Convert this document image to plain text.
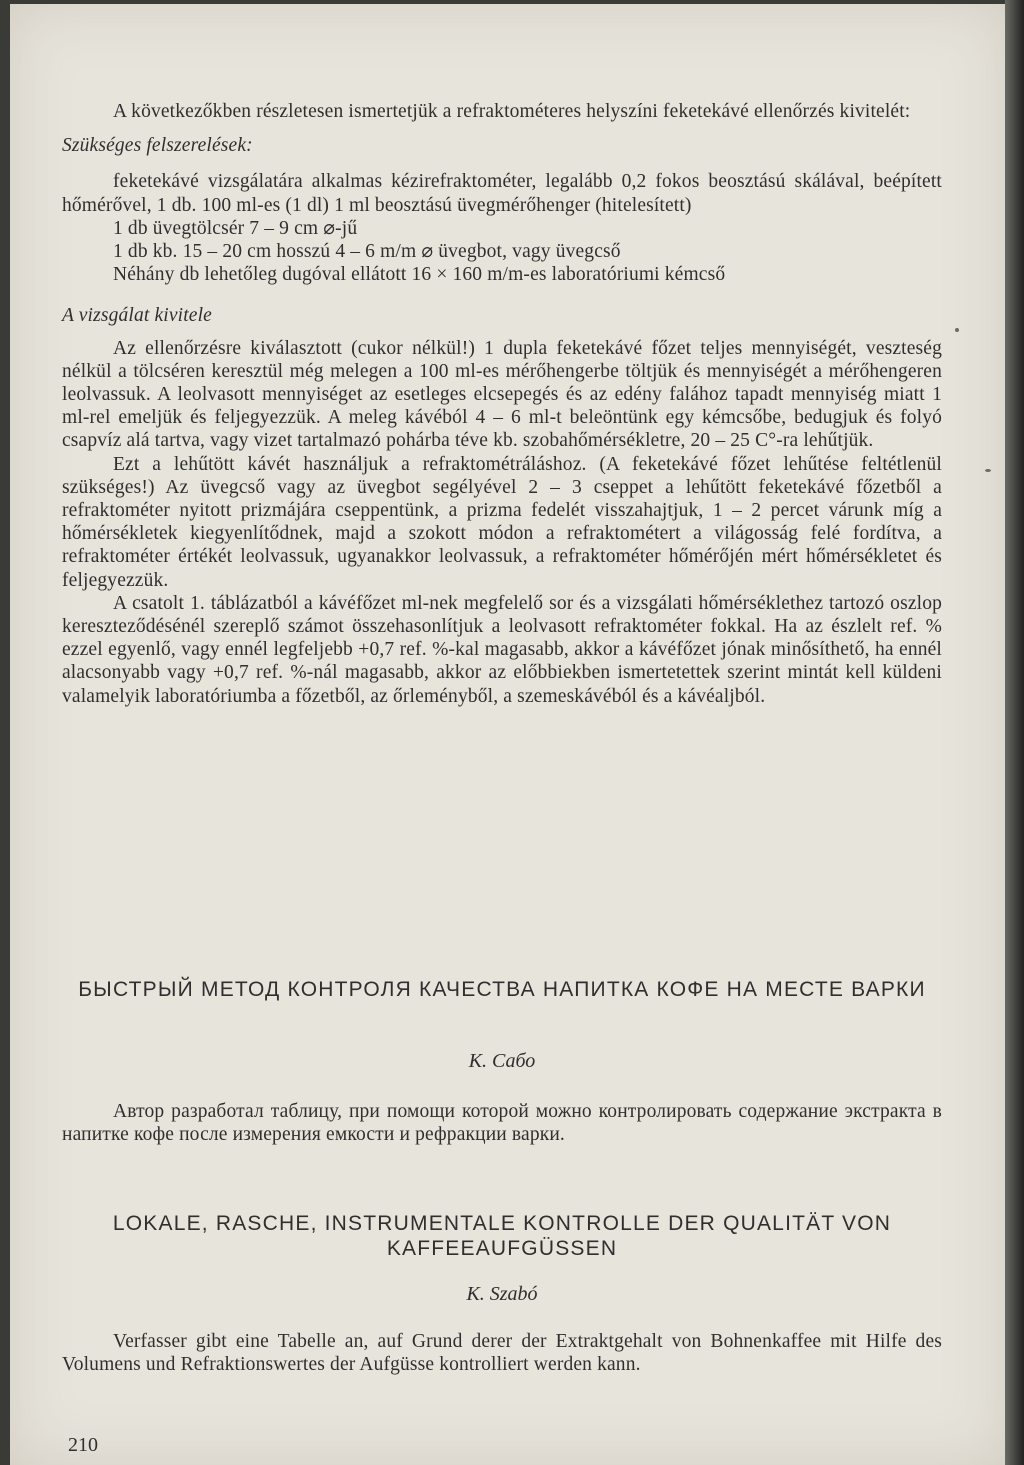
A következőkben részletesen ismertetjük a refraktométeres helyszíni feketekávé ellenőrzés kivitelét:

Szükséges felszerelések:

feketekávé vizsgálatára alkalmas kézirefraktométer, legalább 0,2 fokos beosztású skálával, beépített hőmérővel, 1 db. 100 ml-es (1 dl) 1 ml beosztású üvegmérőhenger (hitelesített)

1 db üvegtölcsér 7 – 9 cm ⌀-jű

1 db kb. 15 – 20 cm hosszú 4 – 6 m/m ⌀ üvegbot, vagy üvegcső

Néhány db lehetőleg dugóval ellátott 16 × 160 m/m-es laboratóriumi kémcső

A vizsgálat kivitele

Az ellenőrzésre kiválasztott (cukor nélkül!) 1 dupla feketekávé főzet teljes mennyiségét, veszteség nélkül a tölcséren keresztül még melegen a 100 ml-es mérőhengerbe töltjük és mennyiségét a mérőhengeren leolvassuk. A leolvasott mennyiséget az esetleges elcsepegés és az edény falához tapadt mennyiség miatt 1 ml-rel emeljük és feljegyezzük. A meleg kávéból 4 – 6 ml-t beleöntünk egy kémcsőbe, bedugjuk és folyó csapvíz alá tartva, vagy vizet tartalmazó pohárba téve kb. szobahőmérsékletre, 20 – 25 C°-ra lehűtjük.

Ezt a lehűtött kávét használjuk a refraktométráláshoz. (A feketekávé főzet lehűtése feltétlenül szükséges!) Az üvegcső vagy az üvegbot segélyével 2 – 3 cseppet a lehűtött feketekávé főzetből a refraktométer nyitott prizmájára cseppentünk, a prizma fedelét visszahajtjuk, 1 – 2 percet várunk míg a hőmérsékletek kiegyenlítődnek, majd a szokott módon a refraktométert a világosság felé fordítva, a refraktométer értékét leolvassuk, ugyanakkor leolvassuk, a refraktométer hőmérőjén mért hőmérsékletet és feljegyezzük.

A csatolt 1. táblázatból a kávéfőzet ml-nek megfelelő sor és a vizsgálati hőmérséklethez tartozó oszlop kereszteződésénél szereplő számot összehasonlítjuk a leolvasott refraktométer fokkal. Ha az észlelt ref. % ezzel egyenlő, vagy ennél legfeljebb +0,7 ref. %-kal magasabb, akkor a kávéfőzet jónak minősíthető, ha ennél alacsonyabb vagy +0,7 ref. %-nál magasabb, akkor az előbbiekben ismertetettek szerint mintát kell küldeni valamelyik laboratóriumba a főzetből, az őrleményből, a szemeskávéból és a kávéaljból.

БЫСТРЫЙ МЕТОД КОНТРОЛЯ КАЧЕСТВА НАПИТКА КОФЕ НА МЕСТЕ ВАРКИ
К. Сабо

Автор разработал таблицу, при помощи которой можно контролировать содержание экстракта в напитке кофе после измерения емкости и рефракции варки.

LOKALE, RASCHE, INSTRUMENTALE KONTROLLE DER QUALITÄT VON KAFFEEAUFGÜSSEN
K. Szabó

Verfasser gibt eine Tabelle an, auf Grund derer der Extraktgehalt von Bohnenkaffee mit Hilfe des Volumens und Refraktionswertes der Aufgüsse kontrolliert werden kann.

210
